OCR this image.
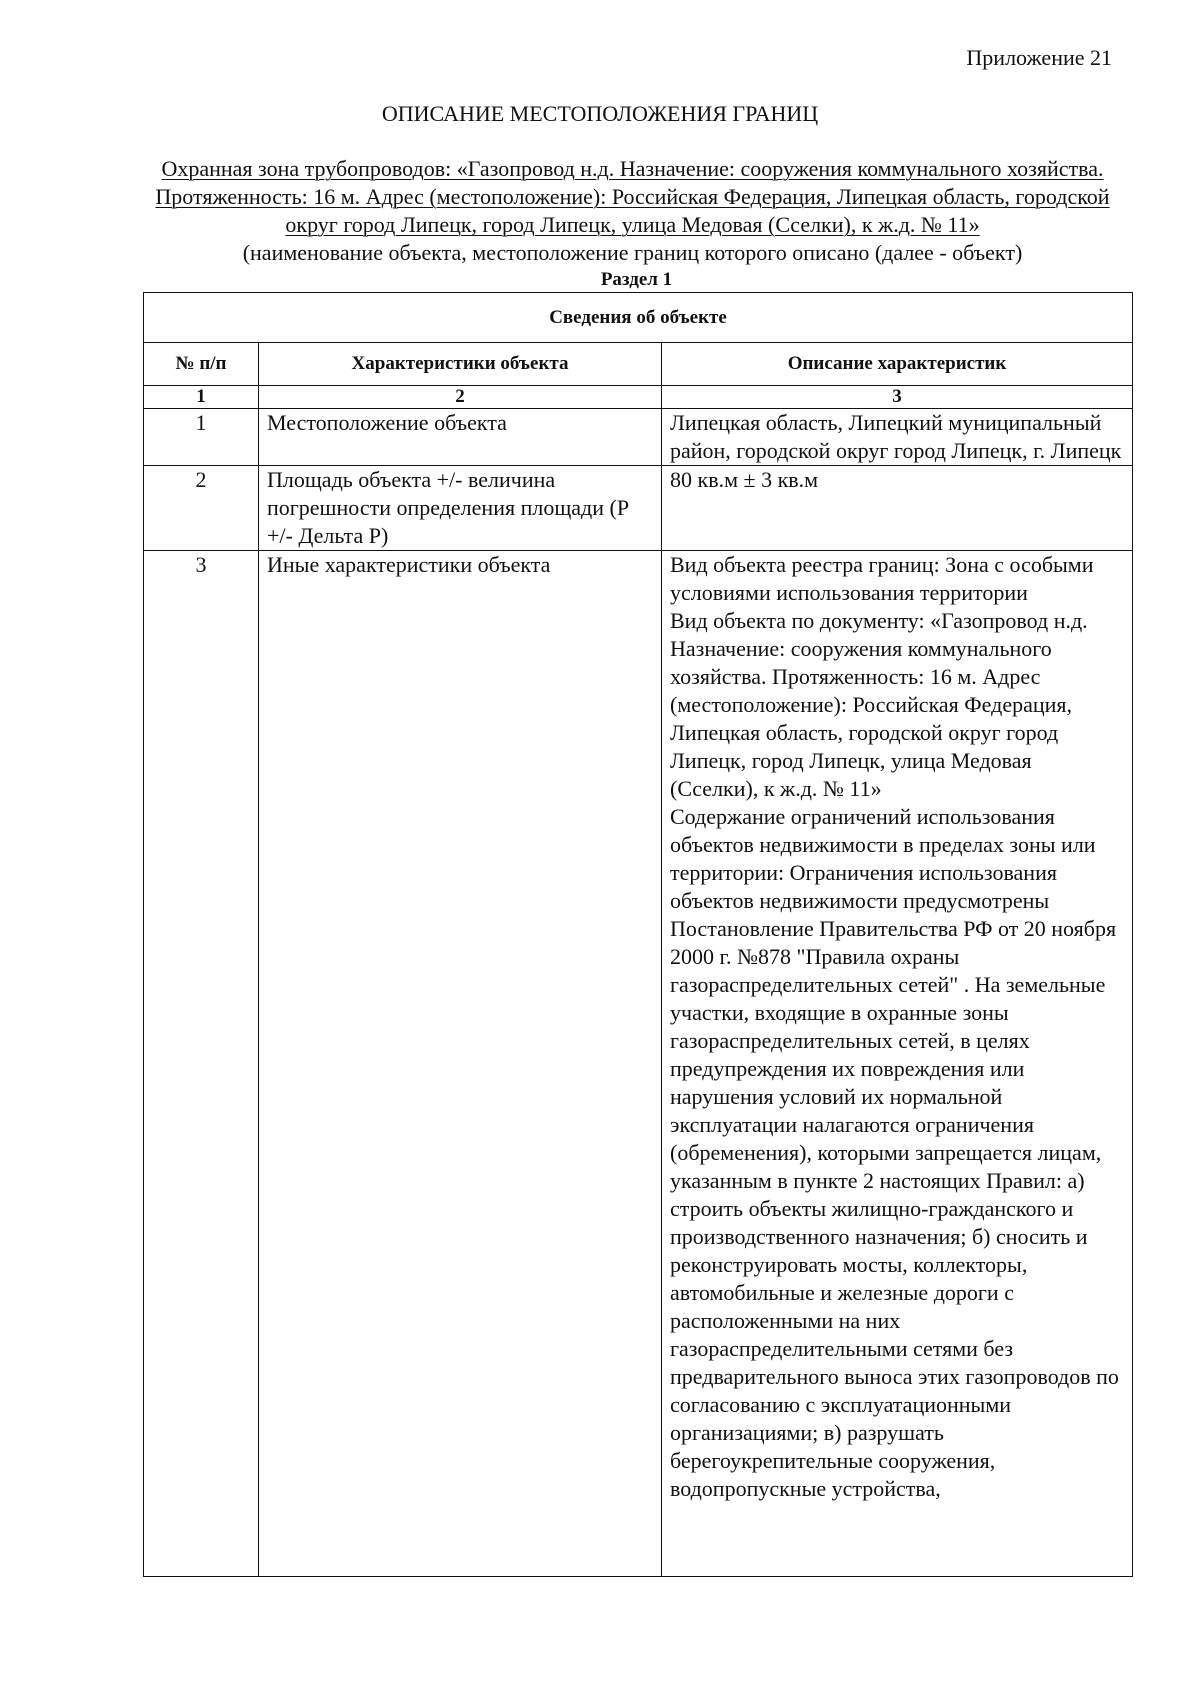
Приложение 21
ОПИСАНИЕ МЕСТОПОЛОЖЕНИЯ ГРАНИЦ
Охранная зона трубопроводов: «Газопровод н.д. Назначение: сооружения коммунального хозяйства. Протяженность: 16 м. Адрес (местоположение): Российская Федерация, Липецкая область, городской округ город Липецк, город Липецк, улица Медовая (Сселки), к ж.д. № 11»
(наименование объекта, местоположение границ которого описано (далее - объект)
Раздел 1
Сведения об объекте		
№ п/п	Характеристики объекта	Описание характеристик
1	2	3
1	Местоположение объекта	Липецкая область, Липецкий муниципальный район, городской округ город Липецк, г. Липецк
2	Площадь объекта +/- величина погрешности определения площади (Р +/- Дельта Р)	80 кв.м ± 3 кв.м
3	Иные характеристики объекта	Вид объекта реестра границ: Зона с особыми условиями использования территории
Вид объекта по документу: «Газопровод н.д. Назначение: сооружения коммунального хозяйства. Протяженность: 16 м. Адрес (местоположение): Российская Федерация, Липецкая область, городской округ город Липецк, город Липецк, улица Медовая (Сселки), к ж.д. № 11»
Содержание ограничений использования объектов недвижимости в пределах зоны или территории: Ограничения использования объектов недвижимости предусмотрены Постановление Правительства РФ от 20 ноября 2000 г. №878 "Правила охраны газораспределительных сетей" . На земельные участки, входящие в охранные зоны газораспределительных сетей, в целях предупреждения их повреждения или нарушения условий их нормальной эксплуатации налагаются ограничения (обременения), которыми запрещается лицам, указанным в пункте 2 настоящих Правил: а) строить объекты жилищно-гражданского и производственного назначения; б) сносить и реконструировать мосты, коллекторы, автомобильные и железные дороги с расположенными на них газораспределительными сетями без предварительного выноса этих газопроводов по согласованию с эксплуатационными организациями; в) разрушать берегоукрепительные сооружения, водопропускные устройства,
